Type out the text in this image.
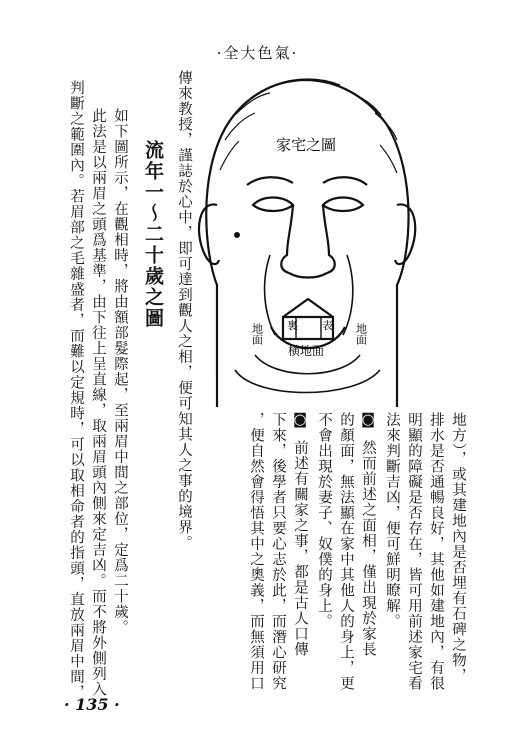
·全大色氣·
家宅之圖
裏 表
地面	地面
横地面
地方），或其建地內是否埋有石碑之物，
排水是否通暢良好，其他如建地內，有很
明顯的障礙是否存在，皆可用前述家宅看
法來判斷吉凶，便可鮮明瞭解。
◙
然而前述之面相，僅出現於家長
的顏面，無法顯在家中其他人的身上，更
不會出現於妻子、奴僕的身上。
◙
前述有關家之事，都是古人口傳
下來，後學者只要心志於此，而潛心研究
，便自然會得悟其中之奧義，而無須用口
傳來教授，謹誌於心中，即可達到觀人之相，便可知其人之事的境界。
流年一～二十歲之圖
如下圖所示，在觀相時，將由額部髮際起，至兩眉中間之部位，定爲二十歲。
此法是以兩眉之頭爲基準，由下往上呈直線，取兩眉頭內側來定吉凶。而不將外側列入
判斷之範圍內。若眉部之毛雜盛者，而難以定規時，可以取相命者的指頭，直放兩眉中間，
· 135 ·
